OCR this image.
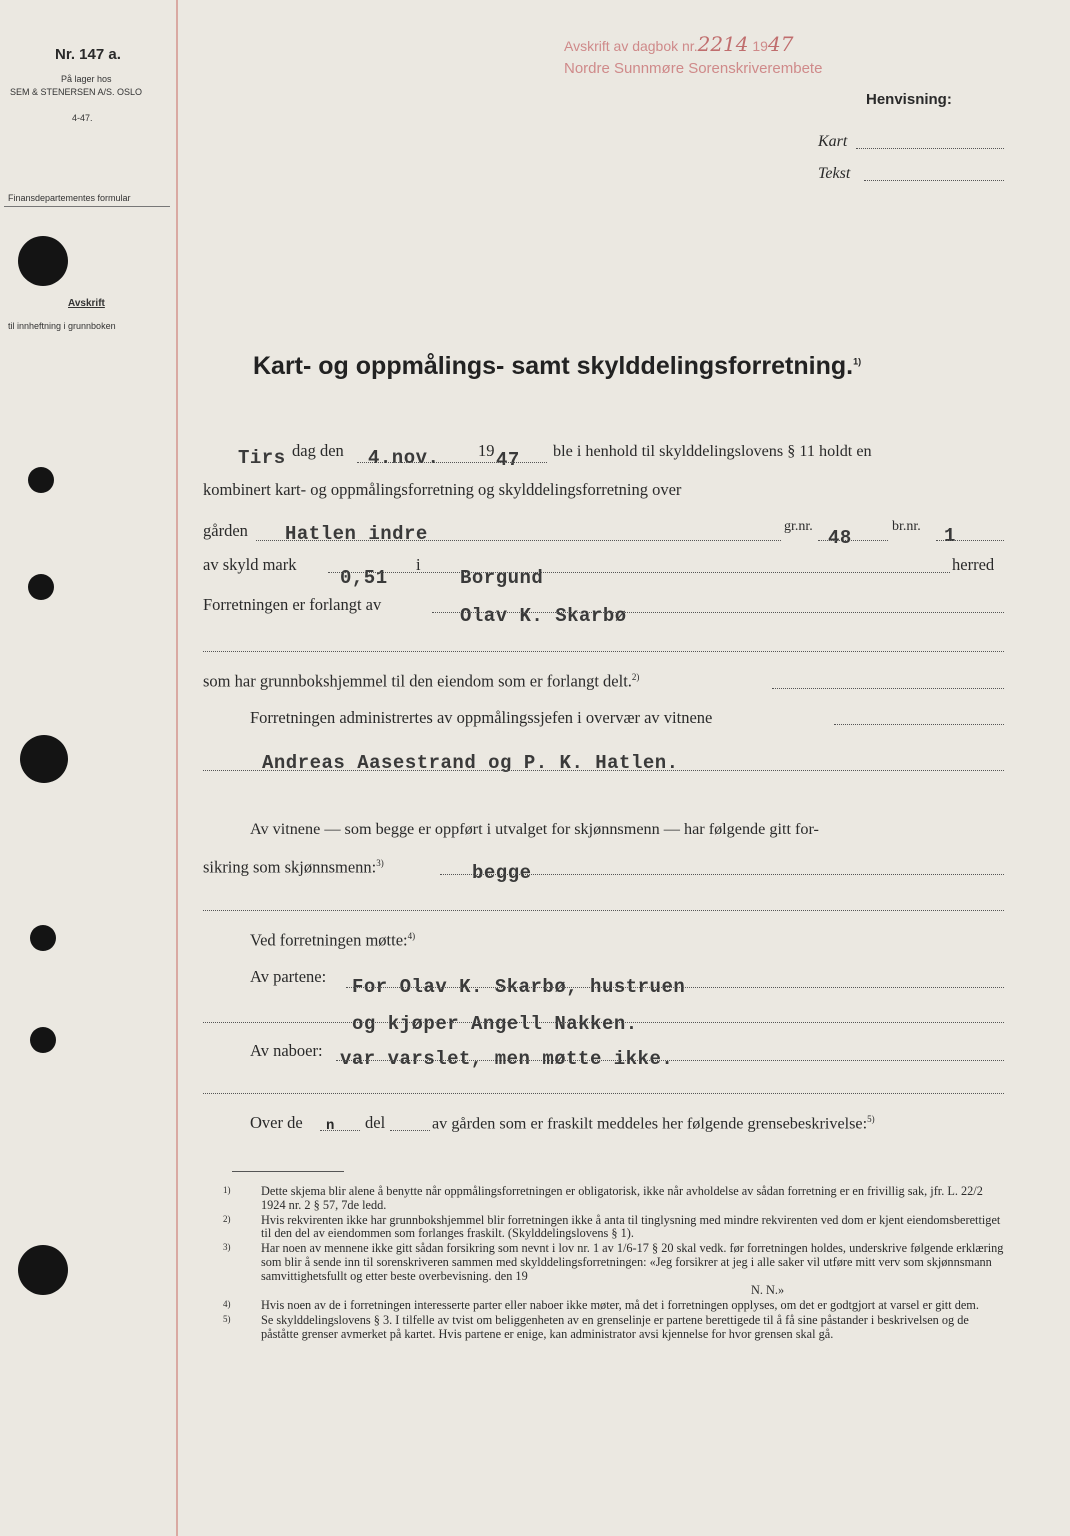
Nr. 147 a.
På lager hos
SEM & STENERSEN A/S. OSLO
4-47.
Finansdepartementes formular
Avskrift
til innheftning i grunnboken
Avskrift av dagbok nr.2214 1947
Nordre Sunnmøre Sorenskriverembete
Henvisning:
Kart
Tekst
Kart- og oppmålings- samt skylddelingsforretning.$^{1)}$
Tirs dag den 4.nov. 19 47 ble i henhold til skylddelingslovens § 11 holdt en
kombinert kart- og oppmålingsforretning og skylddelingsforretning over
gården Hatlen indre	gr.nr.
48
br.nr. 1
av skyld mark
0,51
i
Borgund
herred
Forretningen er forlangt av
Olav K. Skarbø
som har grunnbokshjemmel til den eiendom som er forlangt delt.$^{2)}$
Forretningen administrertes av oppmålingssjefen i overvær av vitnene
Andreas Aasestrand og P. K. Hatlen.
Av vitnene — som begge er oppført i utvalget for skjønnsmenn — har følgende gitt for-
sikring som skjønnsmenn:$^{3)}$	begge
Ved forretningen møtte:$^{4)}$
Av partene: For Olav K. Skarbø, hustruen
og kjøper Angell Nakken.
Av naboer: var varslet, men møtte ikke.
Over de n del	av gården som er fraskilt meddeles her følgende grensebeskrivelse:$^{5)}$

1)	Dette skjema blir alene å benytte når oppmålingsforretningen er obligatorisk, ikke når avholdelse av sådan forretning er en frivillig sak, jfr. L. 22/2 1924 nr. 2 § 57, 7de ledd.

2)	Hvis rekvirenten ikke har grunnbokshjemmel blir forretningen ikke å anta til tinglysning med mindre rekvirenten ved dom er kjent eiendomsberettiget til den del av eiendommen som forlanges fraskilt. (Skylddelingslovens § 1).

3)	Har noen av mennene ikke gitt sådan forsikring som nevnt i lov nr. 1 av 1/6-17 § 20 skal vedk. før forretningen holdes, underskrive følgende erklæring som blir å sende inn til sorenskriveren sammen med skylddelingsforretningen: «Jeg forsikrer at jeg i alle saker vil utføre mitt verv som skjønnsmann samvittighetsfullt og etter beste overbevisning. den 19

N. N.»

4)	Hvis noen av de i forretningen interesserte parter eller naboer ikke møter, må det i forretningen opplyses, om det er godtgjort at varsel er gitt dem.

5)	Se skylddelingslovens § 3. I tilfelle av tvist om beliggenheten av en grenselinje er partene berettigede til å få sine påstander i beskrivelsen og de påståtte grenser avmerket på kartet. Hvis partene er enige, kan administrator avsi kjennelse for hvor grensen skal gå.
